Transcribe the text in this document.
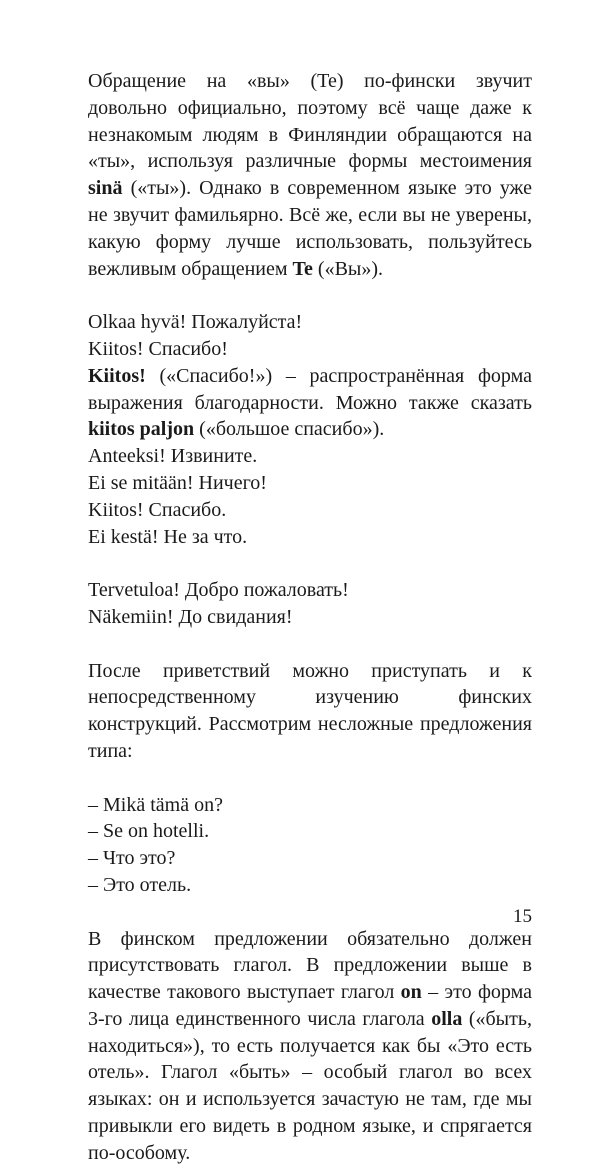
Обращение на «вы» (Te) по-фински звучит довольно официально, поэтому всё чаще даже к незнакомым людям в Финляндии обращаются на «ты», используя различные формы местоимения sinä («ты»). Однако в современном языке это уже не звучит фамильярно. Всё же, если вы не уверены, какую форму лучше использовать, пользуйтесь вежливым обращением Te («Вы»).

Olkaa hyvä! Пожалуйста!

Kiitos! Спасибо!

Kiitos! («Спасибо!») – распространённая форма выражения благодарности. Можно также сказать kiitos paljon («большое спасибо»).

Anteeksi! Извините.

Ei se mitään! Ничего!

Kiitos! Спасибо.

Ei kestä! Не за что.

Tervetuloa! Добро пожаловать!

Näkemiin! До свидания!

После приветствий можно приступать и к непосредственному изучению финских конструкций. Рассмотрим несложные предложения типа:

– Mikä tämä on?

– Se on hotelli.

– Что это?

– Это отель.

В финском предложении обязательно должен присутствовать глагол. В предложении выше в качестве такового выступает глагол on – это форма 3-го лица единственного числа глагола olla («быть, находиться»), то есть получается как бы «Это есть отель». Глагол «быть» – особый глагол во всех языках: он и используется зачастую не там, где мы привыкли его видеть в родном языке, и спрягается по-особому.

15
